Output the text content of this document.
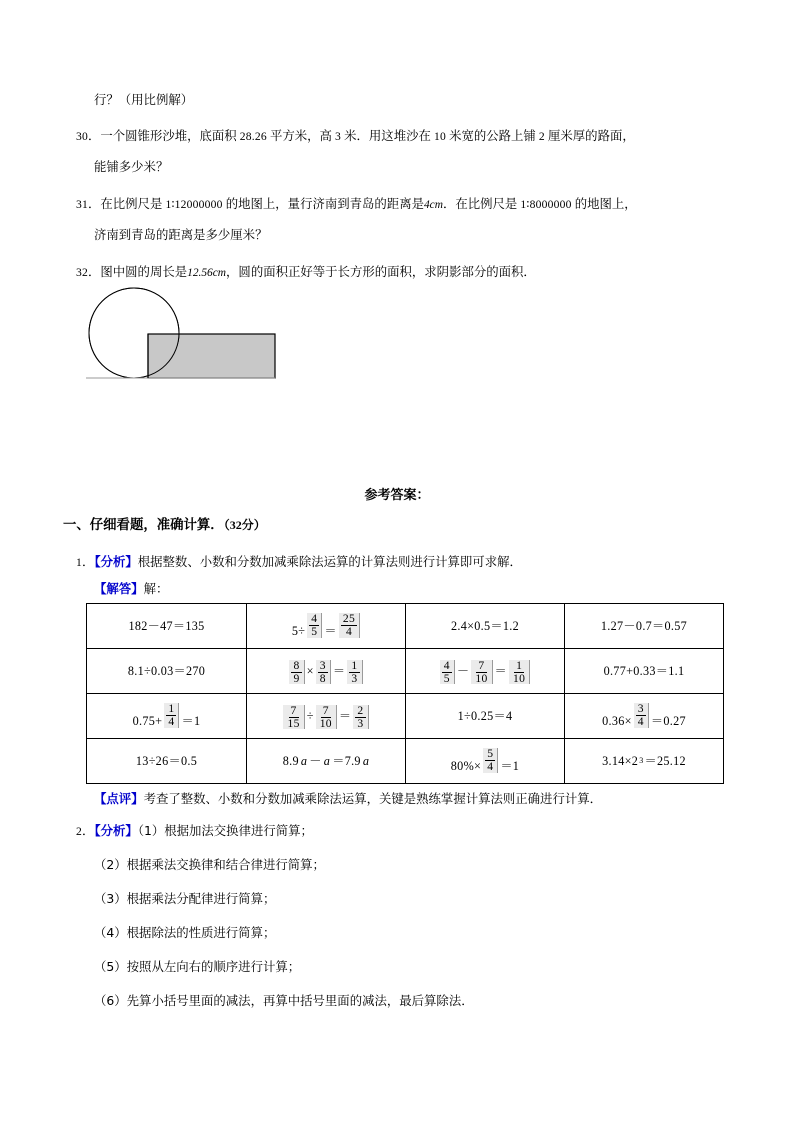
行？（用比例解）
30．一个圆锥形沙堆，底面积 28.26 平方米，高 3 米．用这堆沙在 10 米宽的公路上铺 2 厘米厚的路面，
能铺多少米？
31．在比例尺是 1∶12000000 的地图上，量行济南到青岛的距离是4cm．在比例尺是 1∶8000000 的地图上，
济南到青岛的距离是多少厘米？
32．图中圆的周长是12.56cm，圆的面积正好等于长方形的面积，求阴影部分的面积．
参考答案：
一、仔细看题，准确计算．（32分）
1．【分析】根据整数、小数和分数加减乘除法运算的计算法则进行计算即可求解．
【解答】解：
【点评】考查了整数、小数和分数加减乘除法运算，关键是熟练掌握计算法则正确进行计算．
2．【分析】（1）根据加法交换律进行简算；
（2）根据乘法交换律和结合律进行简算；
（3）根据乘法分配律进行简算；
（4）根据除法的性质进行简算；
（5）按照从左向右的顺序进行计算；
（6）先算小括号里面的减法，再算中括号里面的减法，最后算除法．
182－47＝135	$5\div \frac{4}{5} = \frac{25}{4}$	2.4×0.5＝1.2	1.27－0.7＝0.57

8.1÷0.03＝270	$\frac{8}{9} \times \frac{3}{8} = \frac{1}{3}$	$\frac{4}{5} - \frac{7}{10} = \frac{1}{10}$	0.77+0.33＝1.1

$0.75+ \frac{1}{4} =1$	$\frac{7}{15} \div \frac{7}{10} = \frac{2}{3}$	1÷0.25＝4	$0.36\times \frac{3}{4} =0.27$

13÷26＝0.5	8.9 a － a ＝7.9 a	$80\%\times \frac{5}{4} =1$	3.14×2 3 ＝25.12
